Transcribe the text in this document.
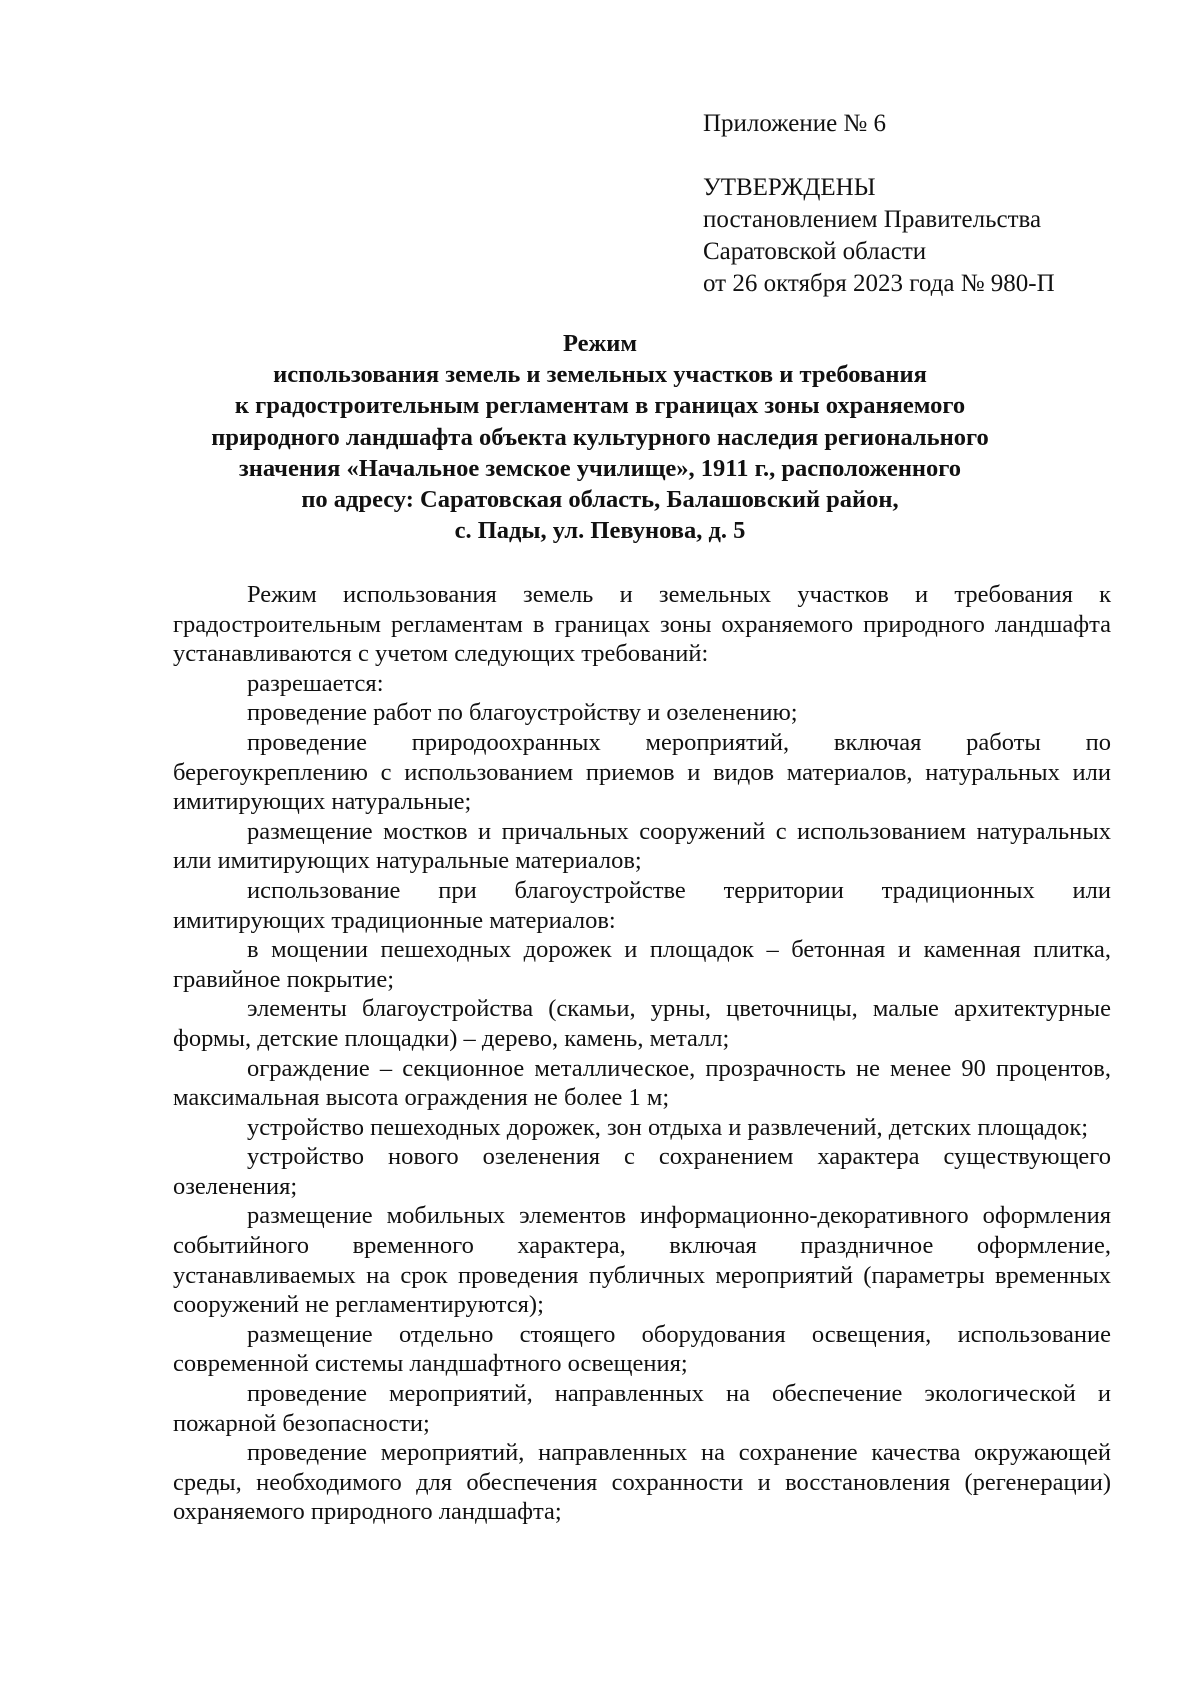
Приложение № 6
УТВЕРЖДЕНЫ
постановлением Правительства
Саратовской области
от 26 октября 2023 года № 980-П
Режим
использования земель и земельных участков и требования
к градостроительным регламентам в границах зоны охраняемого
природного ландшафта объекта культурного наследия регионального
значения «Начальное земское училище», 1911 г., расположенного
по адресу: Саратовская область, Балашовский район,
с. Пады, ул. Певунова, д. 5

Режим использования земель и земельных участков и требования к градостроительным регламентам в границах зоны охраняемого природного ландшафта устанавливаются с учетом следующих требований:

разрешается:

проведение работ по благоустройству и озеленению;

проведение природоохранных мероприятий, включая работы по берегоукреплению с использованием приемов и видов материалов, натуральных или имитирующих натуральные;

размещение мостков и причальных сооружений с использованием натуральных или имитирующих натуральные материалов;

использование при благоустройстве территории традиционных или имитирующих традиционные материалов:

в мощении пешеходных дорожек и площадок – бетонная и каменная плитка, гравийное покрытие;

элементы благоустройства (скамьи, урны, цветочницы, малые архитектурные формы, детские площадки) – дерево, камень, металл;

ограждение – секционное металлическое, прозрачность не менее 90 процентов, максимальная высота ограждения не более 1 м;

устройство пешеходных дорожек, зон отдыха и развлечений, детских площадок;

устройство нового озеленения с сохранением характера существующего озеленения;

размещение мобильных элементов информационно-декоративного оформления событийного временного характера, включая праздничное оформление, устанавливаемых на срок проведения публичных мероприятий (параметры временных сооружений не регламентируются);

размещение отдельно стоящего оборудования освещения, использование современной системы ландшафтного освещения;

проведение мероприятий, направленных на обеспечение экологической и пожарной безопасности;

проведение мероприятий, направленных на сохранение качества окружающей среды, необходимого для обеспечения сохранности и восстановления (регенерации) охраняемого природного ландшафта;
